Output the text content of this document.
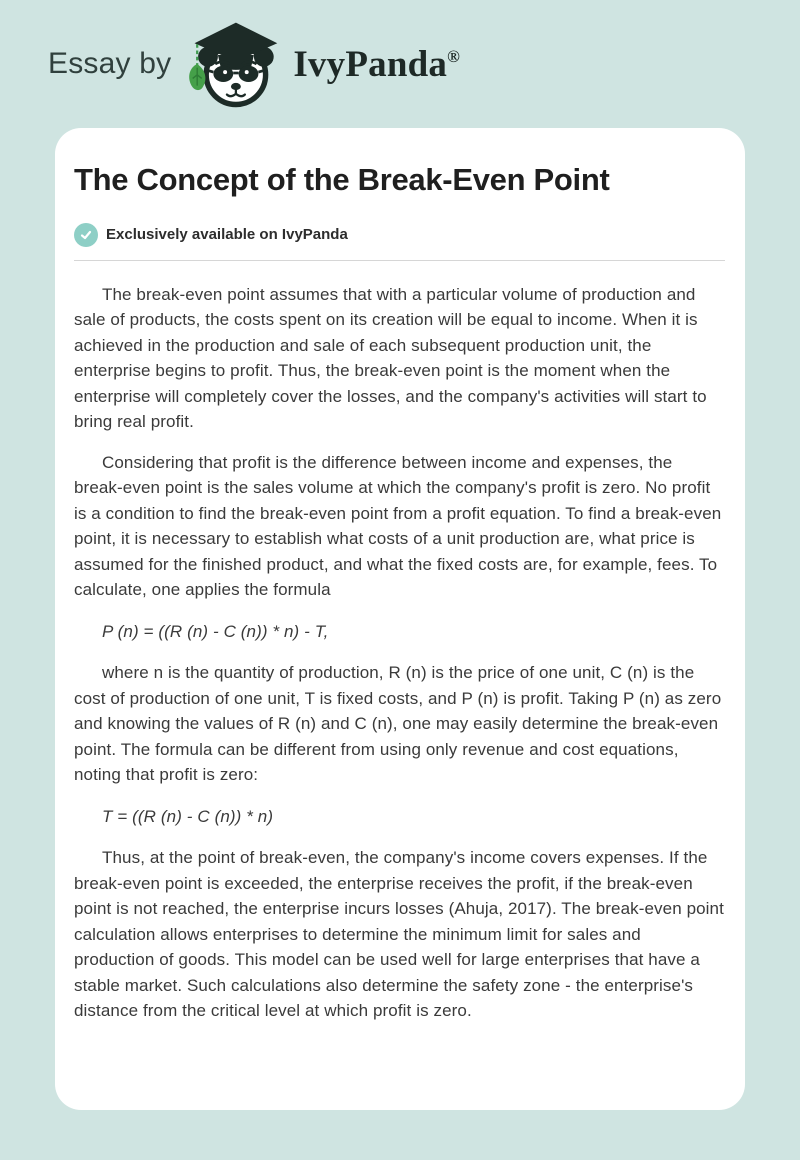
Essay by	IvyPanda®
The Concept of the Break-Even Point
Exclusively available on IvyPanda

The break-even point assumes that with a particular volume of production and sale of products, the costs spent on its creation will be equal to income. When it is achieved in the production and sale of each subsequent production unit, the enterprise begins to profit. Thus, the break-even point is the moment when the enterprise will completely cover the losses, and the company's activities will start to bring real profit.

Considering that profit is the difference between income and expenses, the break-even point is the sales volume at which the company's profit is zero. No profit is a condition to find the break-even point from a profit equation. To find a break-even point, it is necessary to establish what costs of a unit production are, what price is assumed for the finished product, and what the fixed costs are, for example, fees. To calculate, one applies the formula

P (n) = ((R (n) - C (n)) * n) - T,

where n is the quantity of production, R (n) is the price of one unit, C (n) is the cost of production of one unit, T is fixed costs, and P (n) is profit. Taking P (n) as zero and knowing the values of R (n) and C (n), one may easily determine the break-even point. The formula can be different from using only revenue and cost equations, noting that profit is zero:

T = ((R (n) - C (n)) * n)

Thus, at the point of break-even, the company's income covers expenses. If the break-even point is exceeded, the enterprise receives the profit, if the break-even point is not reached, the enterprise incurs losses (Ahuja, 2017). The break-even point calculation allows enterprises to determine the minimum limit for sales and production of goods. This model can be used well for large enterprises that have a stable market. Such calculations also determine the safety zone - the enterprise's distance from the critical level at which profit is zero.
